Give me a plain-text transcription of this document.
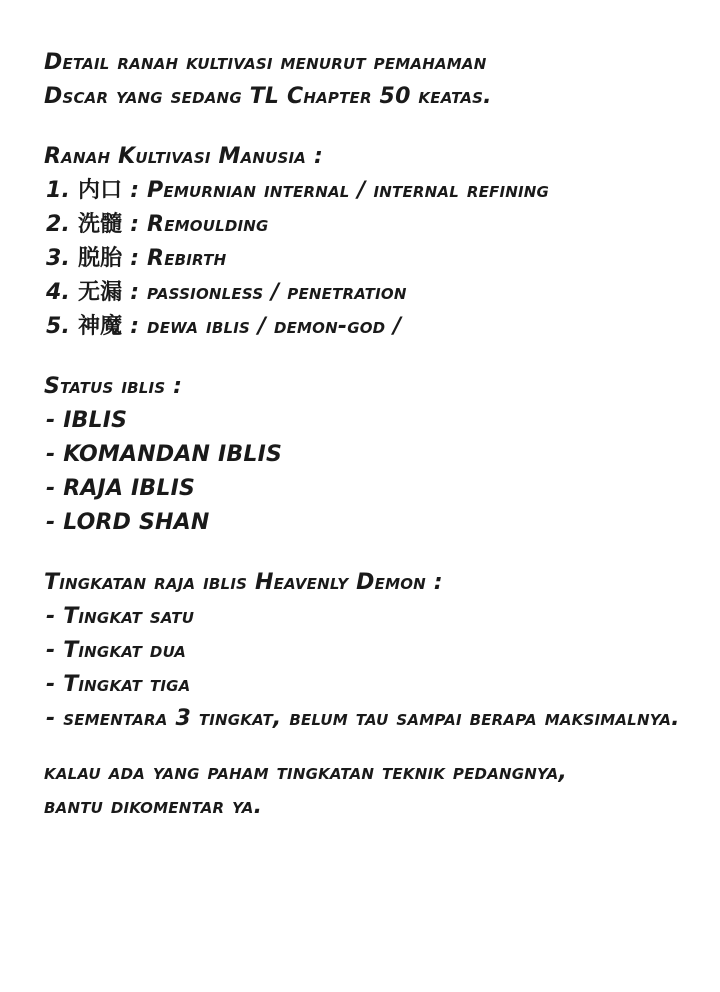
Detail ranah kultivasi menurut pemahaman
Dscar yang sedang TL Chapter 50 keatas.
Ranah Kultivasi Manusia :
1. 内口 : Pemurnian internal / internal refining
2. 洗髓 : Remoulding
3. 脱胎 : Rebirth
4. 无漏 : passionless / penetration
5. 神魔 : dewa iblis / demon-god /
Status iblis :
- IBLIS
- KOMANDAN IBLIS
- RAJA IBLIS
- LORD SHAN
Tingkatan raja iblis Heavenly Demon :
- Tingkat satu
- Tingkat dua
- Tingkat tiga
- sementara 3 tingkat, belum tau sampai berapa maksimalnya.
kalau ada yang paham tingkatan teknik pedangnya,
bantu dikomentar ya.
